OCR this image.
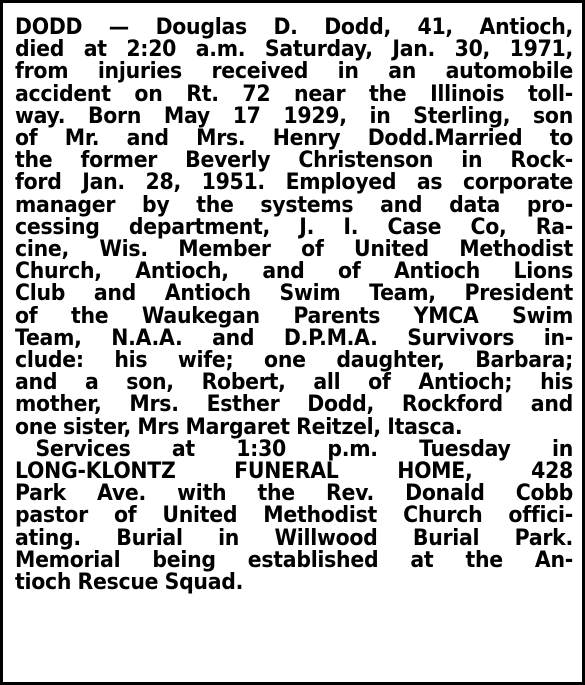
DODD — Douglas D. Dodd, 41, Antioch,
died at 2:20 a.m. Saturday, Jan. 30, 1971,
from injuries received in an automobile
accident on Rt. 72 near the Illinois toll-
way. Born May 17 1929, in Sterling, son
of Mr. and Mrs. Henry Dodd.Married to
the former Beverly Christenson in Rock-
ford Jan. 28, 1951. Employed as corporate
manager by the systems and data pro-
cessing department, J. I. Case Co, Ra-
cine, Wis. Member of United Methodist
Church, Antioch, and of Antioch Lions
Club and Antioch Swim Team, President
of the Waukegan Parents YMCA Swim
Team, N.A.A. and D.P.M.A. Survivors in-
clude: his wife; one daughter, Barbara;
and a son, Robert, all of Antioch; his
mother, Mrs. Esther Dodd, Rockford and
one sister, Mrs Margaret Reitzel, Itasca.
Services at 1:30 p.m. Tuesday in
LONG-KLONTZ FUNERAL HOME, 428
Park Ave. with the Rev. Donald Cobb
pastor of United Methodist Church offici-
ating. Burial in Willwood Burial Park.
Memorial being established at the An-
tioch Rescue Squad.
